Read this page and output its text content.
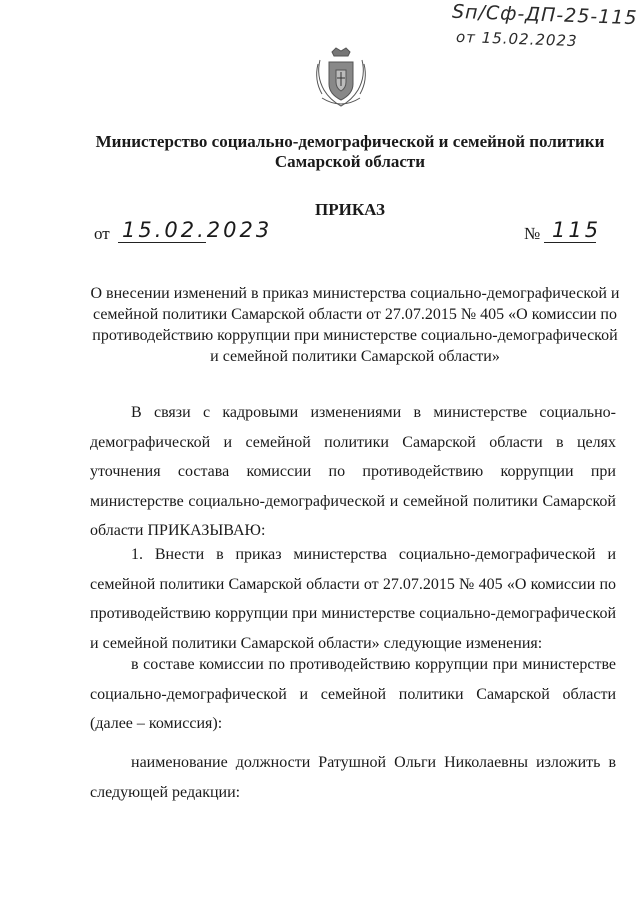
Sп/Сф-ДП-25-115
от 15.02.2023
Министерство социально-демографической и семейной политики
Самарской области
ПРИКАЗ
от 15.02.2023	№ 115
О внесении изменений в приказ министерства социально-демографической и семейной политики Самарской области от 27.07.2015 № 405 «О комиссии по противодействию коррупции при министерстве социально-демографической и семейной политики Самарской области»
В связи с кадровыми изменениями в министерстве социально-демографической и семейной политики Самарской области в целях уточнения состава комиссии по противодействию коррупции при министерстве социально-демографической и семейной политики Самарской области ПРИКАЗЫВАЮ:
1. Внести в приказ министерства социально-демографической и семейной политики Самарской области от 27.07.2015 № 405 «О комиссии по противодействию коррупции при министерстве социально-демографической и семейной политики Самарской области» следующие изменения:
в составе комиссии по противодействию коррупции при министерстве социально-демографической и семейной политики Самарской области (далее – комиссия):
наименование должности Ратушной Ольги Николаевны изложить в следующей редакции:
